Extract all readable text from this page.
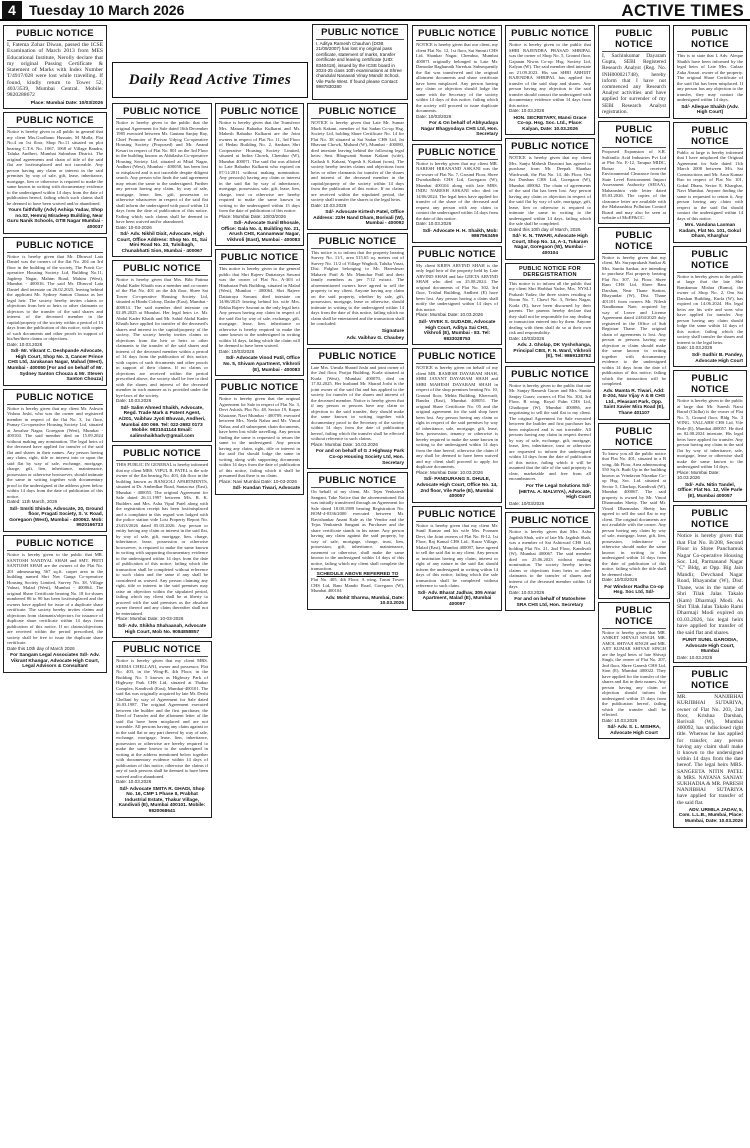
4 Tuesday 10 March 2026	ACTIVE TIMES
Daily Read Active Times
PUBLIC NOTICE
I, Fatema Zohar Diwan, passed the ICSE Examination of March 2013 from MES Educational Institute, Nerolly declare that my original Passing Certificate & Statement of Marks with Index Number T/4917/028 were lost while travelling. If found, kindly return to Tower 52, 403/3539, Mumbai Central. Mobile: 9820288672
Place: Mumbai Date: 10/03/2026
PUBLIC NOTICE
Notice is hereby given to all public in general that my client Mrs.Goolbano Hussain, M Mulla, Flat No.4 on 1st floor, Shop No.11 situated on plot bearing C.T.S. No. 1067, 1068 of Village Bandra, Taluka Andheri, Mumbai Suburban District. The original agreements and chain of title of the said flat are lost/misplaced and not traceable. Any person having any claim or interest in the said premises by way of sale, gift, lease, inheritance, mortgage, lien or otherwise is required to make the same known in writing with documentary evidence to the undersigned within 14 days from the date of publication hereof, failing which such claims shall be deemed to have been waived and/or abandoned.
Yours faithfully (Adv) Ashiqa Yadav, Shop no.02, Hemraj Miradeep Building, Near Guru Nanik Schools, GTB Nagar Mumbai - 400037
PUBLIC NOTICE
Notice is hereby given that Mr. Dhruval Lata Daniel was the owners of the flat No. 204 on 3rd floor in the building of the society, The Pravit Co-operative Housing Society Ltd, Building No.11, Jagdeep Nagar, Mahim Road, Mahim (West), Mumbai - 400016. The said Mr. Dhruval Lata Daniel died intestate on 26.02.2025, leaving behind the applicant Mr. Sydney Santon Chouza as her legal heir. The society hereby invites claims or objections from heir or heirs or other claimants or objectors to the transfer of the said shares and interest of the deceased member in the capital/property of the society within a period of 14 days from the publication of this notice, with copies of such documents and other proofs in support of his/her/their claims or objections.
Date: 10.03.2026
Sd/- Mr. Vikrant C. Deshpande Advocate, High Court, Shop No. 3, Cancer Prince CHS Ltd, Jarakanan Nagar, Mahad (West), Mumbai - 400050 [For and on behalf of Mr. Sydney Santon Chouza & Mr. Steven Santon Chouza]
PUBLIC NOTICE
Notice is hereby given that my client Mr. Ashwin Vishnu Joshi, who was the owner and registered member in respect of the flat No. 3, 1st floor, Pranay Co-operative Housing Society Ltd, situated at Jawahar Nagar, Goregaon (West), Mumbai - 400104. The said member died on 15.09.2024 without making any nomination. The legal heirs of the deceased have applied for transfer of the said flat and shares in their names. Any person having any claim, right, title or interest into or upon the said flat by way of sale, exchange, mortgage, charge, gift, lien, inheritance, maintenance, possession or otherwise howsoever, should intimate the same in writing together with documentary proof to the undersigned at the address given below within 14 days from the date of publication of this notice.
Dated: 11th March, 2026
Sd/- Smriti Shinde, Advocate, 20, Ground floor, Pragati Society, S. V. Road, Goregaon (West), Mumbai - 400062. Mob: 9920166733
PUBLIC NOTICE
Notice is hereby given to the public that MR. SANTOSH NANDYAL SHAH and SMT. PRITI SANTOSH SHAH are the owners of the Flat No. 201 admeasuring 567 sq.ft. carpet area in the building named Shri Nav Ganga Co-operative Housing Society Limited, Survey No. 38, Village Valnai, Malad (West), Mumbai - 400064. The original Share Certificate bearing No. 18 for shares numbered 86 to 90 has been lost/misplaced and the owners have applied for issue of a duplicate share certificate. The society hereby invites claims and objections from claimants/objectors for issuance of duplicate share certificate within 14 days from publication of this notice. If no claims/objections are received within the period prescribed, the society shall be free to issue the duplicate share certificate.
Date this 10th day of March 2026
For Sangam Legal Associates Sd/- Adv. Vikrant Khangar, Advocate High Court, Legal Advisors & Consultant
PUBLIC NOTICE
Notice is hereby given to the public that the original Agreement for Sale dated 16th December 1985 executed between Mr. Gautam Sanjay Ray, Chief Promoter of Parivar Udyog Co-operative Housing Society (Proposed) and Mr. Anand Kesari in respect of Flat No. 801 on the 3rd Floor in the building known as Abhilasha Co-operative Housing Society Ltd, situated at Mital Nagar, Andheri (West), Mumbai - 400058, has been lost or misplaced and is not traceable despite diligent search. Any person who finds the said agreement may return the same to the undersigned. Further any person having any claim, by way of sale, mortgage, lease, lien, gift, possession or otherwise whatsoever in respect of the said flat shall inform the undersigned with proof within 14 days from the date of publication of this notice. Failing which such claims shall be deemed to have been waived and/or abandoned.
Date: 10-03-2026
Sd/- Adv. Nikhil Dixit, Advocate, High Court, Office Address: Shop No. 01, Sai Mini Road No. 23, Tulsibagh, Chunabhatti Sion, Mumbai - 400067
PUBLIC NOTICE
Notice is hereby given that Mrs. Bibi Fatima Abdul Kader Khatib was a member and co-owner of the Flat No. 401 on the 4th floor, Shree Sai Tower Co-operative Housing Society Ltd, situated at Hindu Colony, Dadar (East), Mumbai - 400014. The said member died intestate on 02.09.2025 at Mumbai. Her legal heirs i.e. Mr. Abdul Kader Khatib and Mr. Sahid Abdul Kader Khatib have applied for transfer of the deceased's shares and interest in the capital/property of the society. The society hereby invites claims or objections from the heir or heirs or other claimants to the transfer of the said shares and interest of the deceased member within a period of 14 days from the publication of this notice, with copies of such documents and other proofs in support of their claims. If no claims or objections are received within the period prescribed above, the society shall be free to deal with the shares and interest of the deceased member in such manner as is provided under the bye-laws of the society.
Date: 10.03.2026
Sd/- Salim Ahmed Shaikh, Advocate, Regd. Trade Mark & Patent Agent, A/201, Vaibhav Jyoti Bhuvan, Andheri, Mumbai 400 069. Tel: 022-2682 0173 Mobile: 9821041144 Email: salimshaikhadv@gmail.com
PUBLIC NOTICE
THIS PUBLIC IN GENERAL is hereby informed that my client MRS. VIPUL B. PATEL is the sole owner of the flat bearing No. 403, 4th floor in the building known as RANGOLI APARTMENTS, situated at Dr. Ambedkar Road, Santacruz (East), Mumbai - 400055. The original Agreement for Sale dated 26.11.1997 between M/s. R. K. Builders and Mrs. Asha Vipul Patel along with the registration receipt has been lost/misplaced and a complaint in this regard was lodged with the police station vide Lost Property Report No. 23413/2026 dated 05.03.2026. Any person or entity having any claim or interest in the said flat, by way of sale, gift, mortgage, lien, charge, inheritance, lease, possession or otherwise howsoever, is required to make the same known in writing with supporting documentary evidence to the undersigned within 14 days from the date of publication of this notice, failing which the transaction shall be completed without reference to such claim and the same if any shall be considered as waived. Any person claiming any right, title or interest in the said premises may raise an objection within the stipulated period, failing which my client shall be at liberty to proceed with the said premises as the absolute owner thereof and any claim thereafter shall not be entertained.
Place: Mumbai Date: 10-03-2026
Sd/- Adv. Shikha Shahaanah, Advocate High Court, Mob No. 9084858857
PUBLIC NOTICE
Notice is hereby given that my client MRS. SEEMA CHELLANI, owner and possessor, Flat No. 403, in the Wing-B, 4th Floor, in the Building No. 5 known as Highway Park of Highway Park CHS Ltd, situated at Thakur Complex, Kandivali (East), Mumbai-400101. The said flat was originally acquired by late Mr. Deshi Chellani by way of Agreement for Sale dated 16.03.1987. The original Agreement executed between the builder and the first purchaser, the Deed of Transfer and the allotment letter of the said flat have been misplaced and are not traceable. All persons having any claim against or in the said flat or any part thereof by way of sale, exchange, mortgage, lease, lien, inheritance, possession or otherwise are hereby required to make the same known to the undersigned in writing at the address mentioned below together with documentary evidence within 14 days of publication of this notice, otherwise the claims if any of such persons shall be deemed to have been waived and/or abandoned.
Date: 10.03.2026
Sd/- Advocate SMITA R. GHADI, Shop No. 16, CMP 1 Phase II, Prabhat Industrial Estate, Thakur Village, Kandivali (E), Mumbai 400101. Mobile: 9820068641
PUBLIC NOTICE
Notice is hereby given that the Transferor Mrs. Manasi Bahadur Kulkarni and Mr. Mahesh Bahadur Kulkarni are the Joint owners in respect of Flat No. 11, 3rd Floor of Hedau Building No. 2, Sankara Shri Cooperative Housing Society Limited, situated at Indira Chowk, Chembur (W), Mumbai 400071. The said flat was allotted to Late Bahadur Kulkarni who expired on 07/11/2011 without making nomination. Any person(s) having any claim or interest in the said flat by way of inheritance, mortgage, possession, sale, gift, lease, lien, charge, trust or otherwise are hereby required to make the same known in writing to the undersigned within 15 days from the date of publication of this notice.
Place: Mumbai Date: 10/03/2026
Sd/- Advocate Sunil Bhosale, Office: Gala No. 4, Building No. 21, Arush CHS, Kannamwar Nagar, Vikhroli (East), Mumbai - 400083
PUBLIC NOTICE
This notice is hereby given to the general public that Shri Rajeev Dattatraya Sawant was the owner of Flat No. A-303 of Hindustan Park Building, situated in Malad (West), Mumbai - 400064. Shri Rajeev Dattatraya Sawant died intestate on 14/06/2025 leaving behind his wife Mrs. Rekha Rajeev Sawant as the only legal heir. Any person having any claim in respect of the said flat by way of sale, exchange, gift, mortgage, lease, lien, inheritance or otherwise is hereby required to make the same known to the undersigned in writing within 14 days, failing which the claim will be deemed to have been waived.
Date: 10/03/2026
Sd/- Advocate Vinod Patil, Office No. 5, Shivam Apartment, Vikhroli (E), Mumbai - 400083
PUBLIC NOTICE
Notice is hereby given that the original Agreement for Sale in respect of Flat No. 3, Devi Ashish, Plot No. 48, Sector 19, Kopar Khairane, Navi Mumbai - 400709, executed between Mrs. Neela Nahar and Mr. Vinod Nahar, and all subsequent chain documents, have been lost while travelling. Any person finding the same is requested to return the same to the undersigned. Any person having any claim, right, title or interest in the said flat should lodge the same in writing along with supporting documents within 14 days from the date of publication of this notice, failing which it shall be presumed that there is no claim.
Place: Navi Mumbai Date: 10-03-2026
Sd/- Kundan Tiwari, Advocate
PUBLIC NOTICE
NOTICE is hereby given that Late Mr. Sumar Murli Kakani, member of Sai Sadan Co-op Hsg. Society Ltd, holding Share Certificate No. 14 for Flat No. 38 situated at Sai Sadan CHS Ltd, Jai Bhavani Chowk, Mulund (W), Mumbai - 400080, died intestate leaving behind the following legal heirs: Smt. Bhagwanti Sumar Kakani (wife), Kailash S. Kakani, Yogesh S. Kakani (sons). The society hereby invites claims and objections from heirs or other claimants for transfer of the shares and interest of the deceased member in the capital/property of the society within 14 days from the publication of this notice. If no claims are received within the stipulated period, the society shall transfer the shares to the legal heirs.
Date: 10.03.2026
Sd/- Advocate Kirtesh Patel, Office Address: 22/H Nand Dham, Borivali (W), Mumbai - 400092
PUBLIC NOTICE
This notice is to inform that the property bearing Survey No. 11/1, area 515.65 sq. meters out of Survey No. 11/2 of Village Wagholi, Taluka Vasai, Dist. Palghar belonging to Mr. Hareshwar Mahavir Patil & Mr. Manohar Patil and their family members as per 7/12 extract. The aforementioned owners have agreed to sell the property to my client. Anyone having any claim on the said property, whether by sale, gift, possession, mortgage, lease or otherwise, should intimate in writing to the undersigned within 14 days from the date of this notice, failing which no claim shall be entertained and the transaction shall be concluded.
Signature
Adv. Vaibhav G. Chaubey
PUBLIC NOTICE
Late Mrs. Urmila Sharad Joshi and joint owner of the 2nd floor, Parijat Building, Kurla situated at Kurla (West), Mumbai 400070, died on 17.02.2025. Her husband Mr. Sharad Joshi is the joint owner of the said flat and has applied to the society for transfer of the shares and interest of the deceased member. Notice is hereby given that if any person or persons have any claim or objection to the said transfer, they should make the same known in writing together with documentary proof to the Secretary of the society within 14 days from the date of publication hereof, failing which the transfer shall be effected without reference to such claims.
Place: Mumbai Date: 10.03.2026
For and on behalf of G J Highway Park Co-op Housing Society Ltd, Hon. Secretary
PUBLIC NOTICE
On behalf of my client, Mr. Tejas Venkatesh Sangani, Take Notice that the aforementioned flat was initially transferred through an Agreement for Sale dated 18.08.1989 bearing Registration No. BOM-4-0336/2000 executed between Mr. Ravishankar Anant Kale as the Vendor and the Tejas Venkatesh Sangani as Purchaser and the share certificate stands in his name. Any person having any claim against the said property, by way of sale, mortgage, charge, trust, lien, possession, gift, inheritance, maintenance, easement or otherwise, shall make the same known to the undersigned within 14 days of this notice, failing which my client shall complete the transaction.
SCHEDULE ABOVE REFERRED TO
Flat No. 405, 4th Floor, A wing, Tarun Tower CHS Ltd, Ram Mandir Road, Goregaon (W), Mumbai 400104
Adv. Mohit Sharma, Mumbai, Date: 10.03.2026
PUBLIC NOTICE
NOTICE is hereby given that our client, my client Flat No. 12, 1st floor, Sai Smruti CHS Ltd, Shankar Nagar, Chembur, Mumbai 400071 originally belonged to Late Mr. Damodar Raghunath Varerkar. Subsequently the flat was transferred and the original allotment documents and share certificate have been misplaced. Any person having any claim or objection should lodge the same with the Secretary of the society within 14 days of this notice, failing which the society will proceed to issue duplicate documents.
Date: 10/03/2026
For & On behalf of Abhyudaya Nagar Bhagyodaya CHS Ltd, Hon. Secretary
PUBLIC NOTICE
Notice is hereby given that my client MR. NARESH HIRANAND ASKANI was the co-owner of Flat No. 7, Ground Floor, Shree Dwarkadhish CHS Ltd, Goregaon (W), Mumbai 400104 along with late MRS. INDU NARESH ASKANI who died on 14/06/2024. The legal heirs have applied for transfer of the share of the deceased and request any person with any claim to contact the undersigned within 14 days from the date of this notice.
Date: 10.03.2026
Sd/- Advocate H. H. Shaikh, Mob: 9867563459
PUBLIC NOTICE
My client KRIPA ARVIND SHAH is the only legal heir of the property held by Late ARVIND SHAH and late GEETA ARVIND SHAH who died on 25.08.2024. The original documents of Flat No. 302, 3rd floor, Trishul Building, Andheri (E) have been lost. Any person having a claim shall notify the undersigned within 14 days of this notice.
Place: Mumbai Date: 10.03.2026
Sd/- VIVEK S. GUDADE, Advocate High Court, Aditya Sai CHS, Vikhroli (E), Mumbai - 83. Tel: 9833028753
PUBLIC NOTICE
NOTICE is hereby given on behalf of my client MR. RAMESH DAYARAM SHAH, SHRI JAYANT DAYARAM SHAH and SHRI MAHESH DAYARAM SHAH in respect of the shop premises bearing No. 10, Ground floor, Mehta Building, Kherwadi, Bandra (East), Mumbai 400051. The original Share Certificate No. 05 and the original agreement for the said shop have been lost. Any person having any claim or right in respect of the said premises by way of inheritance, sale, mortgage, gift, lease, lien, possession, tenancy or otherwise is hereby required to make the same known in writing to the undersigned within 14 days from the date hereof, otherwise the claim if any shall be deemed to have been waived and my client shall proceed to apply for duplicate documents.
Place: Mumbai Date: 10.03.2026
Sd/- PANDURANG S. DHULE, Advocate High Court, Office No. 14, 2nd floor, Vile Parle (E), Mumbai 400057
PUBLIC NOTICE
Notice is hereby given that my client Mr. Sunil Kumar and his wife Mrs. Poonam Devi, the Joint owners of Flat No. B-12, 1st Floor, Raj Kamal CHS Ltd., Kurar Village, Malad (East), Mumbai 400097, have agreed to sell the said flat to my client. Any person or institution having any claim, interest or right of any nature in the said flat should inform the undersigned in writing within 14 days of this notice, failing which the sale transaction shall be completed without reference to such claim.
Sd/- Adv. Bharat Jadhav, 305 Amar Apartment, Malad (E), Mumbai 400097
PUBLIC NOTICE
Notice is hereby given to the public that SHRI RAJENDRA PRASAD SHRIPAL was the owner of Shop No. 5, Ground floor, Gajanan Niwas Co-op. Hsg. Society Ltd, Kalyan (W). The said member died intestate on 21.09.2023. His son SHRI ABHIJIT RAJENDRA SHRIPAL has applied for transfer of the said shop and shares. Any person having any objection to the said transfer should contact the undersigned with documentary evidence within 14 days from this notice.
Date: 10.03.2026
HON. SECRETARY, Mansi Grace Co-op. Hsg. Soc. Ltd., Place: Kalyan, Date: 10.03.2026
PUBLIC NOTICE
NOTICE is hereby given that my client Mrs. Sanju Mahesh Daswani has agreed to purchase from Mr. Deepak Shankar Wachwadi, the Flat No. 14, 4th Floor, Om Sai Darshan CHS Ltd, Goregaon (W), Mumbai 400062. The chain of agreements of the said flat has been lost. Any person having any claim or objection in respect of the said flat by way of sale, mortgage, gift, lease, lien or otherwise is required to intimate the same in writing to the undersigned within 14 days, failing which the sale shall be completed.
Dated this 10th day of March, 2026
Sd/- K. N. TIWARI, Advocate High Court, Shop No. 14, A-1, Tukaram Nagar, Goregaon (W), Mumbai - 400104
PUBLIC NOTICE FOR DEREGISTRATION
This notice is to inform all the public that my client Shri Harbhat Yadav, Mrs. NYSLI Prakash Yadav, the three sisters residing at Room No. 7, Chawl No. 3, Nehru Nagar, Kurla (E), have been disowned by their parents. The parents hereby declare that they shall not be responsible for any dealing or transaction entered into by them. Anyone dealing with them shall do so at their own risk and responsibility.
Date: 10/03/2026
Adv. J. Gholap, DK Vyshshanga, Principal CBS, F. N. Ward, Vikhroli (E), Tel: 9869138752
PUBLIC NOTICE
Notice is hereby given to the public that one Mr. Sanjay Ramesh Gurav and Mrs. Sunita Sanjay Gurav, owners of Flat No. 304, 3rd Floor, B wing, Royal Palm CHS Ltd, Ghatkopar (W), Mumbai 400086, are negotiating to sell the said flat to my client. The original Agreement for Sale executed between the builder and first purchaser has been misplaced and is not traceable. All persons having any claim in respect thereof by way of sale, exchange, gift, mortgage, lease, lien, inheritance, trust or otherwise are requested to inform the undersigned within 14 days from the date of publication of this notice, failing which it will be assumed that the title of the said property is clear, marketable and free from all encumbrances.
For The Legal Solutions Sd/- (HETAL A. MALVIYA), Advocate, High Court
Date: 10/03/2026
PUBLIC NOTICE
Notice is hereby given that Mrs. Asha Jagdish Shah, wife of late Mr. Jagdish Shah, was a member of Sai Ashirwad CHS Ltd, holding Flat No. 21, 2nd Floor, Kandivali (W), Mumbai 400067. The said member died on 25.06.2023 without making nomination. The society hereby invites claims or objections from heirs or other claimants to the transfer of shares and interest of the deceased member within 14 days.
Date: 10.03.2026
For and on behalf of Matoshree SRA CHS Ltd, Hon. Secretary
PUBLIC NOTICE
I, Sachinkumar Dayaram Gupta, SEBI Registered Research Analyst (Reg. No. INH000021748), hereby inform that I have not commenced any Research Analyst activities and have applied for surrender of my SEBI Research Analyst registration.
PUBLIC NOTICE
Proposed Expansion of S.R. Sulfanilic Acid Industries Pvt Ltd at Plot No. E-12, Tarapur MIDC, Boisar has received Environmental Clearance from the State Level Environment Impact Assessment Authority (SEIAA), Maharashtra vide letter dated 05.03.2026. The copies of the clearance letter are available with the Maharashtra Pollution Control Board and may also be seen at website of MoEF&CC.
PUBLIC NOTICE
Notice is hereby given that my client, Mr. Suryaprakash Sankar & Mrs. Sunita Sankar, are intending to purchase Flat property bearing Flat No. 307, 1st Floor, Shree Ram CHS Ltd, Shree Ram Darshan, Near Thane Station, Bhayandar (W), Dist. Thane 401101 from owners Mr. Nilesh Nandkumar Nate, acquired by way of Leave and License Agreement dated 24/04/2025 duly registered in the Office of Sub Registrar Thane. The original chain of agreements is lost. Any person or persons having any objection or claim should make the same known in writing together with documentary evidence to the undersigned within 14 days from the date of publication of this notice, failing which the transaction will be completed.
Adv. Mamta R. Tiwari, Add: E-204, Nav Vijay A & B CHS Ltd., Pleasant Park, Opp. Saint Xavier Mira Road (E), Thane 401107
PUBLIC NOTICE
To know you all the public notice that Flat No. 401, situated in a B wing, 4th Floor, Area admeasuring 550 Sq.ft. Built Up in the building known as Vrindavan Nirankar Co-op Hsg. Soc. Ltd. situated at Sector 5, Charkop, Kandivali (W), Mumbai 400067. The said property is owned by Mr. Vinod Dharmadas Shetty. The said Mr. Vinod Dharmadas Shetty has agreed to sell the said flat to my client. The original documents are not available with the owner. Any person having any claim by way of sale, mortgage, lease, gift, lien, possession, inheritance or otherwise should make the same known in writing to the undersigned within 14 days from the date of publication of this notice, failing which the title shall be deemed clear.
Date: 10/03/2026
For Windsor Radha Co-op Hsg. Soc Ltd, Sd/-
PUBLIC NOTICE
Notice is hereby given that MR. ANIKET SHIVAJI SINGH, MR. AMOL SHIVAJI SINGH and MR. AJIT KUMAR SHIVAJI SINGH are the legal heirs of late Shivaji Singh, the owner of Flat No. 207, 2nd floor, Shree Ganesh CHS Ltd, Sion (E), Mumbai 400022. They have applied for the transfer of the shares and flat in their names. Any person having any claim or objection should inform the undersigned within 15 days from the publication hereof, failing which the transfer shall be effected.
Date: 10.03.2026
Sd/- Adv. S. L. MISHRA, Advocate High Court
PUBLIC NOTICE
This is to state that I, Adv. Aleque Shaikh have been informed by the legal heirs of Late Mrs. Gulzar Zaka Ansari, owner of the property. The original Share Certificate of the said flat has been misplaced. If any person has any objection to the transfer, they may contact the undersigned within 14 days.
Sd/- Alleque Shaikh (Adv. High Court)
PUBLIC NOTICE
Public at large is hereby informed that I have misplaced the Original Agreement for Sale dated 11th March 2008 between M/s. Sai Constructions and Mr. Arun Kumar Rao in respect of Flat No. 101, Gokul Dham, Sector 8, Kharghar, Navi Mumbai. Anyone finding the same is requested to return it. Any person having any claim with respect to the said flat should contact the undersigned within 14 days of this notice.
Mrs. Vandana Laxman Kadam, Flat No. 101, Gokul Dham, Kharghar
PUBLIC NOTICE
Notice is hereby given to the public at large that the late Shri Ramkumar Mishra (Ramu), the owner of Shop No. 2, Om Sai Darshan Building, Kurla (W), has expired on 14.06.2024. His legal heirs are his wife and sons who have applied for transfer. Any person having any claim should lodge the same within 14 days of this notice, failing which the society shall transfer the shares and interest to the legal heirs.
Date: 10.03.2026
Sd/- Sudhir B. Pandey, Advocate High Court
PUBLIC NOTICE
Notice is hereby given to the public at large that Mr. Suresh Narsi Barad (Chilka) is the owner of Flat No. 5, Ground floor, Bldg No. 3 WING, VALLABH CHS Ltd, Vile Parle (E), Mumbai 400057. He died on 02.08.2024 intestate. His legal heirs have applied for transfer. Any person having any claim in the said flat by way of inheritance, sale, mortgage, lease or otherwise shall make the same known to the undersigned within 14 days.
Place: Mumbai Date: 10.03.2026
Sd/- Adv. Nitin Tandel, Office: Flat No. 12, Vile Parle (E), Mumbai 400057
PUBLIC NOTICE
Notice is hereby given that that Flat No. B/208, Second Floor in Shree Panchamuk Nagar Co-operative Housing Soc. Ltd, Parmanand Nagar "C" Bldg, at Opp. Big Jain Mandir, Devchand Nagar Road, Bhayandar (W), Dist. Thane, was in the name of Shri Tilak Jalas Takalo (Kam) Dharmaji Modi. As Shri Tilak Jalas Takalo Rami Dharmaji Modi expired on 03.03.2026, his legal heirs have applied for transfer of the said flat and shares.
PUNIT SUNIL GARODIA, Advocate High Court, Mumbai
Date: 10.03.2026
PUBLIC NOTICE
MR. NANJIBHAI KURJIBHAI SUTARIYA, owner of Flat No. 203, 2nd floor, Krishna Darshan, Borivali (W), Mumbai 400092, has undisclosed right title. Whereas he has applied for transfer, any person having any claim shall make it known to the undersigned within 14 days from the date hereof. The legal heirs MRS. SANGEETA NITIN PATEL & MRS. NAYANA SANJAY SUKHADIA & MR. PARESH NANJIBHAI SUTARIYA have applied for transfer of the said flat.
ADV. URMILA JADAV, 5, Com. L.L.B., Mumbai, Place: Mumbai, Date: 10.03.2026
PUBLIC NOTICE
I, Aditya Ramesh Chauhan (DOB 21/09/2007) has lost my original pass certificate, statement of marks, transfer certificate and leaving certificate (UID: 8340418), issued by the ICSE board in 2024-25 class 10th examinations at Shree chandulal Nanavati Vinay Mandir School, Vile Parle West. If found please Contact: 9987830380
